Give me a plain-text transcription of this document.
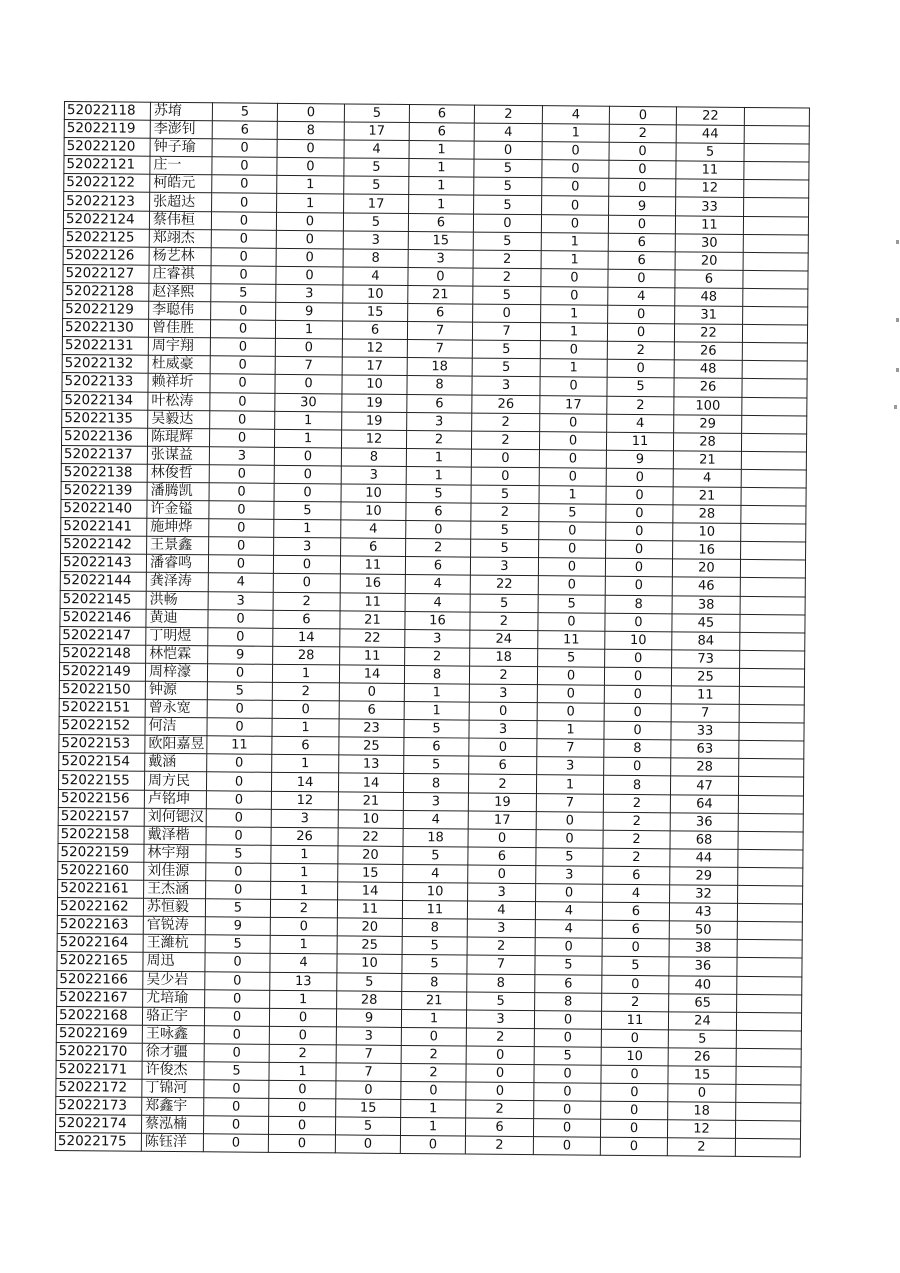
52022118	苏堉	5	0	5	6	2	4	0	22	
52022119	李澎钊	6	8	17	6	4	1	2	44	
52022120	钟子瑜	0	0	4	1	0	0	0	5	
52022121	庄一	0	0	5	1	5	0	0	11	
52022122	柯皓元	0	1	5	1	5	0	0	12	
52022123	张超达	0	1	17	1	5	0	9	33	
52022124	蔡伟桓	0	0	5	6	0	0	0	11	
52022125	郑翊杰	0	0	3	15	5	1	6	30	
52022126	杨艺林	0	0	8	3	2	1	6	20	
52022127	庄睿祺	0	0	4	0	2	0	0	6	
52022128	赵泽熙	5	3	10	21	5	0	4	48	
52022129	李聪伟	0	9	15	6	0	1	0	31	
52022130	曾佳胜	0	1	6	7	7	1	0	22	
52022131	周宇翔	0	0	12	7	5	0	2	26	
52022132	杜威豪	0	7	17	18	5	1	0	48	
52022133	赖祥圻	0	0	10	8	3	0	5	26	
52022134	叶松涛	0	30	19	6	26	17	2	100	
52022135	吴毅达	0	1	19	3	2	0	4	29	
52022136	陈琨辉	0	1	12	2	2	0	11	28	
52022137	张谋益	3	0	8	1	0	0	9	21	
52022138	林俊哲	0	0	3	1	0	0	0	4	
52022139	潘腾凯	0	0	10	5	5	1	0	21	
52022140	许金镒	0	5	10	6	2	5	0	28	
52022141	施坤烨	0	1	4	0	5	0	0	10	
52022142	王景鑫	0	3	6	2	5	0	0	16	
52022143	潘睿鸣	0	0	11	6	3	0	0	20	
52022144	龚泽涛	4	0	16	4	22	0	0	46	
52022145	洪畅	3	2	11	4	5	5	8	38	
52022146	黄迪	0	6	21	16	2	0	0	45	
52022147	丁明煜	0	14	22	3	24	11	10	84	
52022148	林恺霖	9	28	11	2	18	5	0	73	
52022149	周梓濠	0	1	14	8	2	0	0	25	
52022150	钟源	5	2	0	1	3	0	0	11	
52022151	曾永宽	0	0	6	1	0	0	0	7	
52022152	何洁	0	1	23	5	3	1	0	33	
52022153	欧阳嘉昱	11	6	25	6	0	7	8	63	
52022154	戴涵	0	1	13	5	6	3	0	28	
52022155	周方民	0	14	14	8	2	1	8	47	
52022156	卢铭坤	0	12	21	3	19	7	2	64	
52022157	刘何锶汉	0	3	10	4	17	0	2	36	
52022158	戴泽楷	0	26	22	18	0	0	2	68	
52022159	林宇翔	5	1	20	5	6	5	2	44	
52022160	刘佳源	0	1	15	4	0	3	6	29	
52022161	王杰涵	0	1	14	10	3	0	4	32	
52022162	苏恒毅	5	2	11	11	4	4	6	43	
52022163	官锐涛	9	0	20	8	3	4	6	50	
52022164	王濰杭	5	1	25	5	2	0	0	38	
52022165	周迅	0	4	10	5	7	5	5	36	
52022166	吴少岩	0	13	5	8	8	6	0	40	
52022167	尤培瑜	0	1	28	21	5	8	2	65	
52022168	骆正宇	0	0	9	1	3	0	11	24	
52022169	王咏鑫	0	0	3	0	2	0	0	5	
52022170	徐才疆	0	2	7	2	0	5	10	26	
52022171	许俊杰	5	1	7	2	0	0	0	15	
52022172	丁锦河	0	0	0	0	0	0	0	0	
52022173	郑鑫宇	0	0	15	1	2	0	0	18	
52022174	蔡泓楠	0	0	5	1	6	0	0	12	
52022175	陈钰洋	0	0	0	0	2	0	0	2	
